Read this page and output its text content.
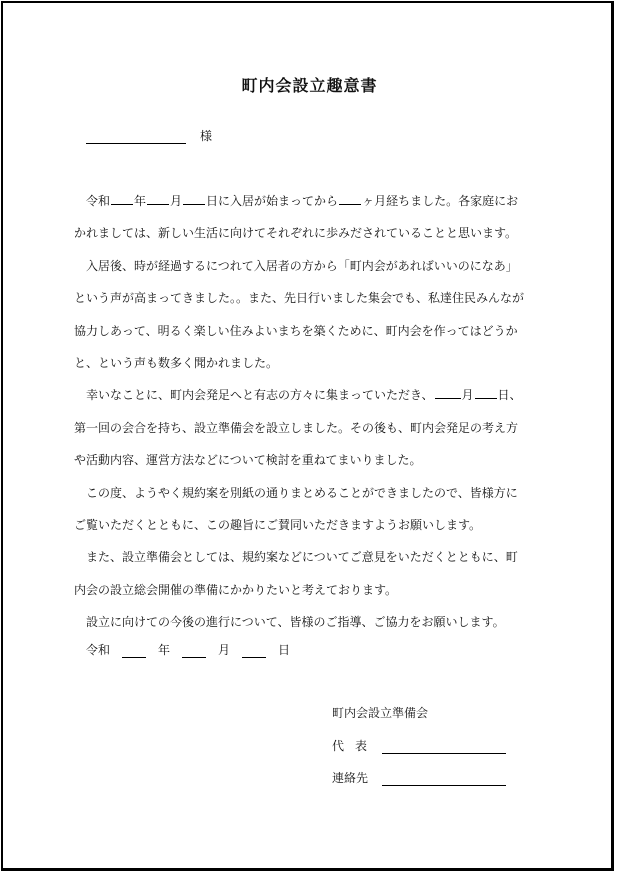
町内会設立趣意書
様
令和 年 月 日に入居が始まってから ヶ月経ちました。各家庭にお
かれましては、新しい生活に向けてそれぞれに歩みだされていることと思います。
入居後、時が経過するにつれて入居者の方から「町内会があればいいのになあ」
という声が高まってきました。。また、先日行いました集会でも、私達住民みんなが
協力しあって、明るく楽しい住みよいまちを築くために、町内会を作ってはどうか
と、という声も数多く聞かれました。
幸いなことに、町内会発足へと有志の方々に集まっていただき、 月 日、
第一回の会合を持ち、設立準備会を設立しました。その後も、町内会発足の考え方
や活動内容、運営方法などについて検討を重ねてまいりました。
この度、ようやく規約案を別紙の通りまとめることができましたので、皆様方に
ご覧いただくとともに、この趣旨にご賛同いただきますようお願いします。
また、設立準備会としては、規約案などについてご意見をいただくとともに、町
内会の設立総会開催の準備にかかりたいと考えております。
設立に向けての今後の進行について、皆様のご指導、ご協力をお願いします。
令和	年	月	日
町内会設立準備会
代表
連絡先
